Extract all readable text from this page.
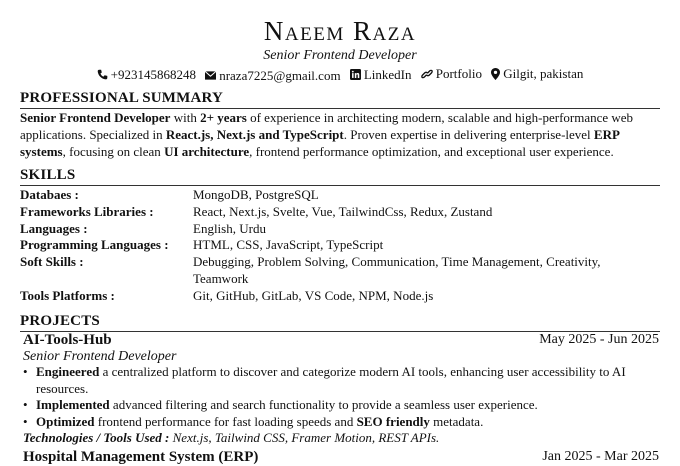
Naeem Raza
Senior Frontend Developer
+923145868248
nraza7225@gmail.com
LinkedIn
Portfolio
Gilgit, pakistan
PROFESSIONAL SUMMARY
Senior Frontend Developer with 2+ years of experience in architecting modern, scalable and high-performance web applications. Specialized in React.js, Next.js and TypeScript. Proven expertise in delivering enterprise-level ERP systems, focusing on clean UI architecture, frontend performance optimization, and exceptional user experience.
SKILLS
Databaes :	MongoDB, PostgreSQL
Frameworks Libraries :	React, Next.js, Svelte, Vue, TailwindCss, Redux, Zustand
Languages :	English, Urdu
Programming Languages :	HTML, CSS, JavaScript, TypeScript
Soft Skills :	Debugging, Problem Solving, Communication, Time Management, Creativity, Teamwork
Tools Platforms :	Git, GitHub, GitLab, VS Code, NPM, Node.js
PROJECTS
AI-Tools-Hub	May 2025 - Jun 2025
Senior Frontend Developer
• Engineered a centralized platform to discover and categorize modern AI tools, enhancing user accessibility to AI resources.
• Implemented advanced filtering and search functionality to provide a seamless user experience.
• Optimized frontend performance for fast loading speeds and SEO friendly metadata.
Technologies / Tools Used : Next.js, Tailwind CSS, Framer Motion, REST APIs.
Hospital Management System (ERP)	Jan 2025 - Mar 2025
